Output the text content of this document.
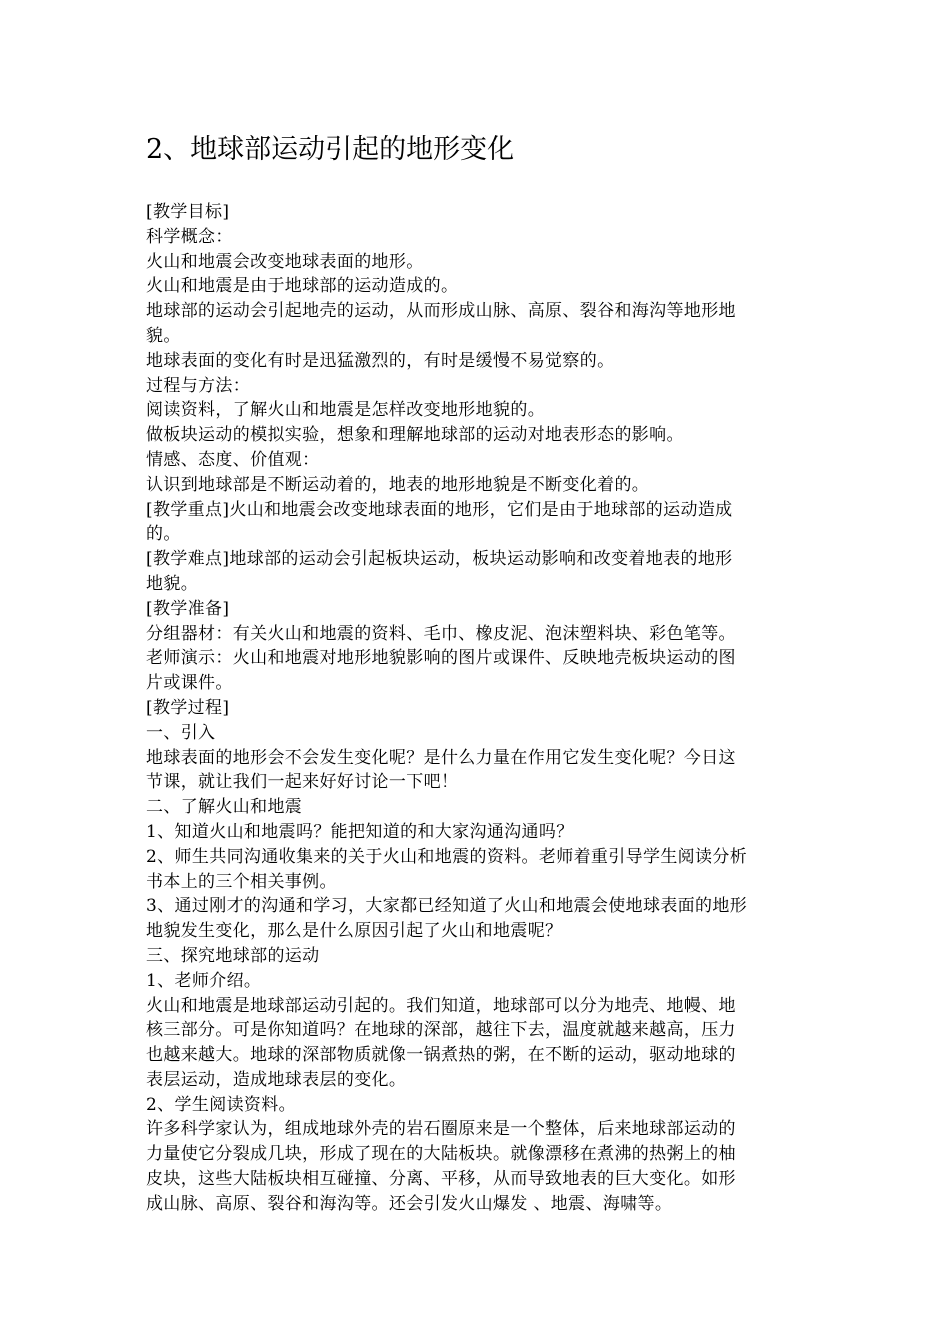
2、地球部运动引起的地形变化
[教学目标]
科学概念：
火山和地震会改变地球表面的地形。
火山和地震是由于地球部的运动造成的。
地球部的运动会引起地壳的运动，从而形成山脉、高原、裂谷和海沟等地形地
貌。
地球表面的变化有时是迅猛激烈的，有时是缓慢不易觉察的。
过程与方法：
阅读资料，了解火山和地震是怎样改变地形地貌的。
做板块运动的模拟实验，想象和理解地球部的运动对地表形态的影响。
情感、态度、价值观：
认识到地球部是不断运动着的，地表的地形地貌是不断变化着的。
[教学重点]火山和地震会改变地球表面的地形，它们是由于地球部的运动造成
的。
[教学难点]地球部的运动会引起板块运动，板块运动影响和改变着地表的地形
地貌。
[教学准备]
分组器材：有关火山和地震的资料、毛巾、橡皮泥、泡沫塑料块、彩色笔等。
老师演示：火山和地震对地形地貌影响的图片或课件、反映地壳板块运动的图
片或课件。
[教学过程]
一、引入
地球表面的地形会不会发生变化呢？是什么力量在作用它发生变化呢？今日这
节课，就让我们一起来好好讨论一下吧！
二、了解火山和地震
1、知道火山和地震吗？能把知道的和大家沟通沟通吗？
2、师生共同沟通收集来的关于火山和地震的资料。老师着重引导学生阅读分析
书本上的三个相关事例。
3、通过刚才的沟通和学习，大家都已经知道了火山和地震会使地球表面的地形
地貌发生变化，那么是什么原因引起了火山和地震呢？
三、探究地球部的运动
1、老师介绍。
火山和地震是地球部运动引起的。我们知道，地球部可以分为地壳、地幔、地
核三部分。可是你知道吗？在地球的深部，越往下去，温度就越来越高，压力
也越来越大。地球的深部物质就像一锅煮热的粥，在不断的运动，驱动地球的
表层运动，造成地球表层的变化。
2、学生阅读资料。
许多科学家认为，组成地球外壳的岩石圈原来是一个整体，后来地球部运动的
力量使它分裂成几块，形成了现在的大陆板块。就像漂移在煮沸的热粥上的柚
皮块，这些大陆板块相互碰撞、分离、平移，从而导致地表的巨大变化。如形
成山脉、高原、裂谷和海沟等。还会引发火山爆发 、地震、海啸等。
